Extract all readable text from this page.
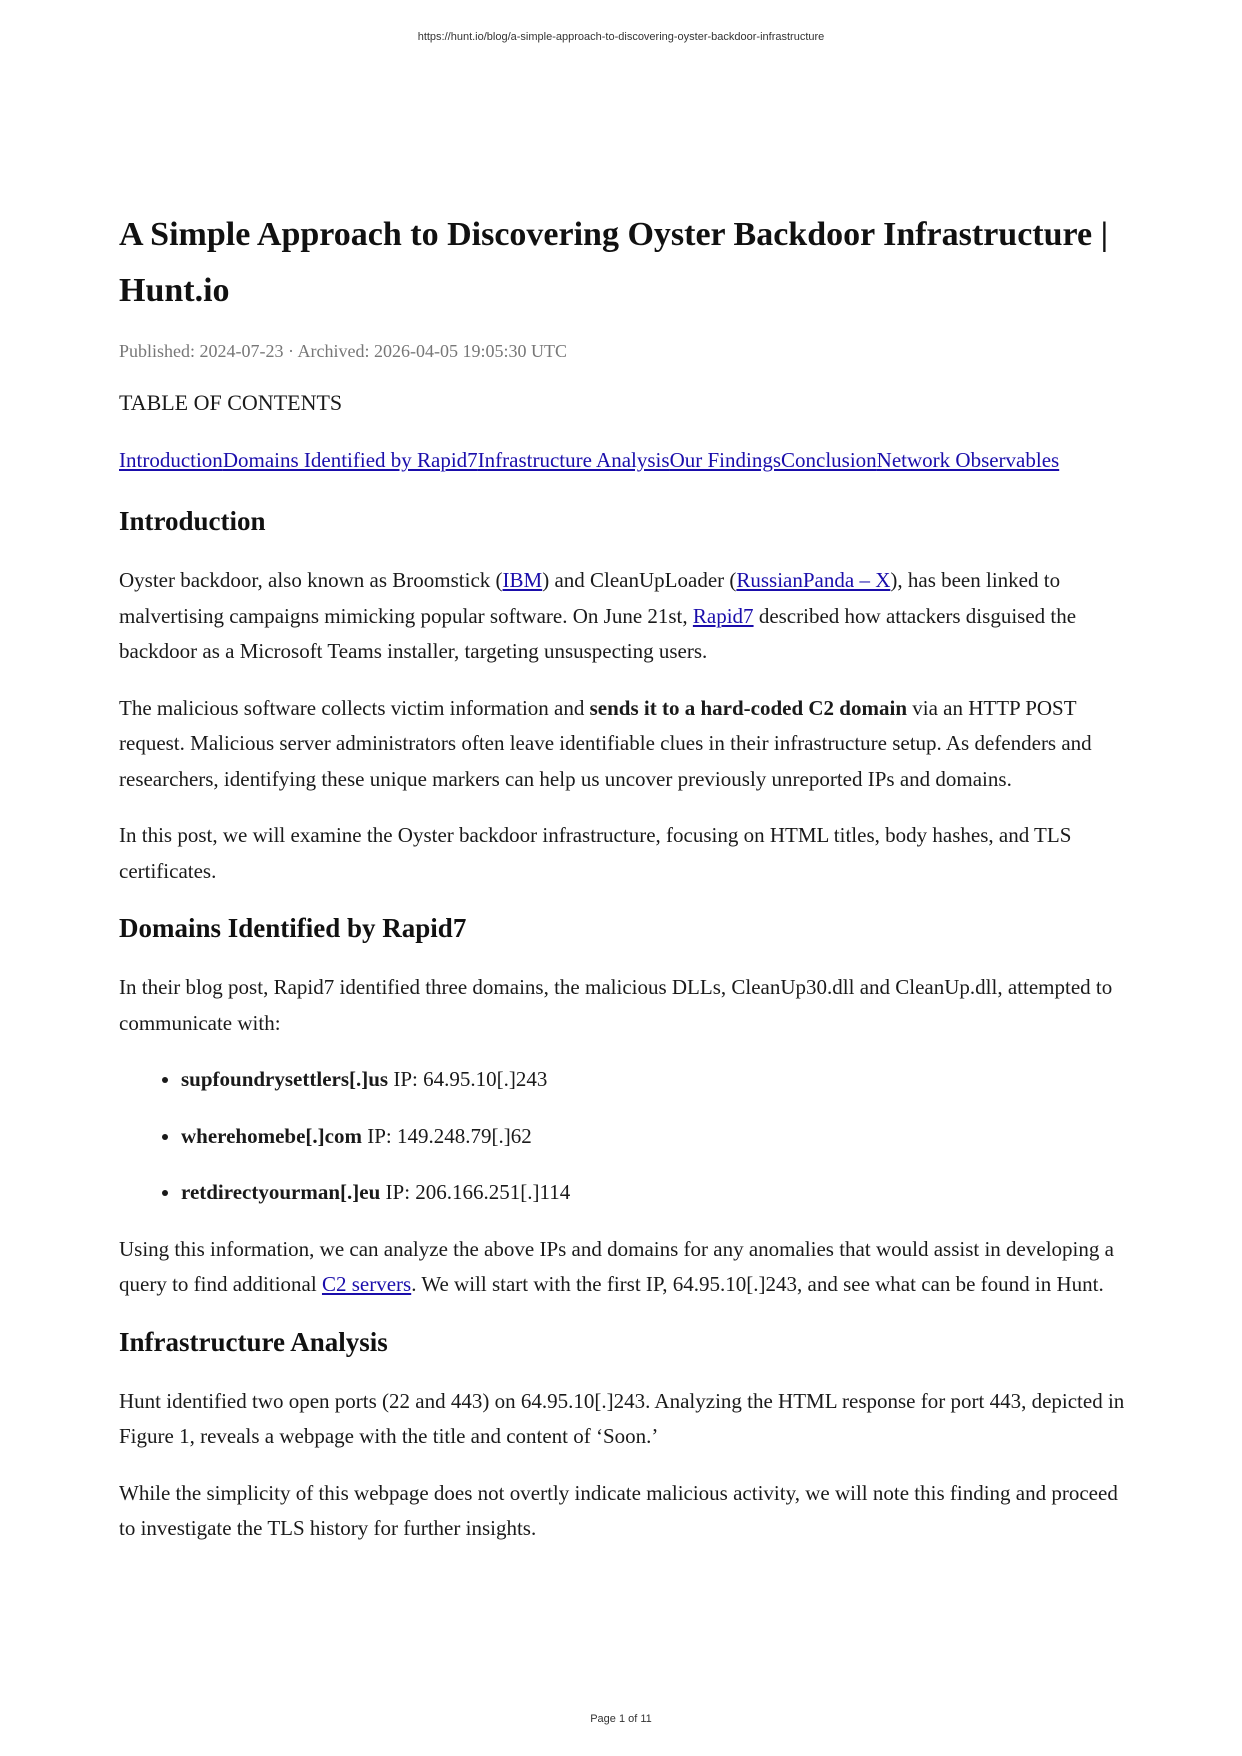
https://hunt.io/blog/a-simple-approach-to-discovering-oyster-backdoor-infrastructure
A Simple Approach to Discovering Oyster Backdoor Infrastructure | Hunt.io
Published: 2024-07-23 · Archived: 2026-04-05 19:05:30 UTC
TABLE OF CONTENTS
IntroductionDomains Identified by Rapid7Infrastructure AnalysisOur FindingsConclusionNetwork Observables
Introduction

Oyster backdoor, also known as Broomstick (IBM) and CleanUpLoader (RussianPanda – X), has been linked to malvertising campaigns mimicking popular software. On June 21st, Rapid7 described how attackers disguised the backdoor as a Microsoft Teams installer, targeting unsuspecting users.

The malicious software collects victim information and sends it to a hard-coded C2 domain via an HTTP POST request. Malicious server administrators often leave identifiable clues in their infrastructure setup. As defenders and researchers, identifying these unique markers can help us uncover previously unreported IPs and domains.

In this post, we will examine the Oyster backdoor infrastructure, focusing on HTML titles, body hashes, and TLS certificates.

Domains Identified by Rapid7

In their blog post, Rapid7 identified three domains, the malicious DLLs, CleanUp30.dll and CleanUp.dll, attempted to communicate with:

• supfoundrysettlers[.]us IP: 64.95.10[.]243
• wherehomebe[.]com IP: 149.248.79[.]62
• retdirectyourman[.]eu IP: 206.166.251[.]114

Using this information, we can analyze the above IPs and domains for any anomalies that would assist in developing a query to find additional C2 servers. We will start with the first IP, 64.95.10[.]243, and see what can be found in Hunt.

Infrastructure Analysis

Hunt identified two open ports (22 and 443) on 64.95.10[.]243. Analyzing the HTML response for port 443, depicted in Figure 1, reveals a webpage with the title and content of ‘Soon.’

While the simplicity of this webpage does not overtly indicate malicious activity, we will note this finding and proceed to investigate the TLS history for further insights.

Page 1 of 11
